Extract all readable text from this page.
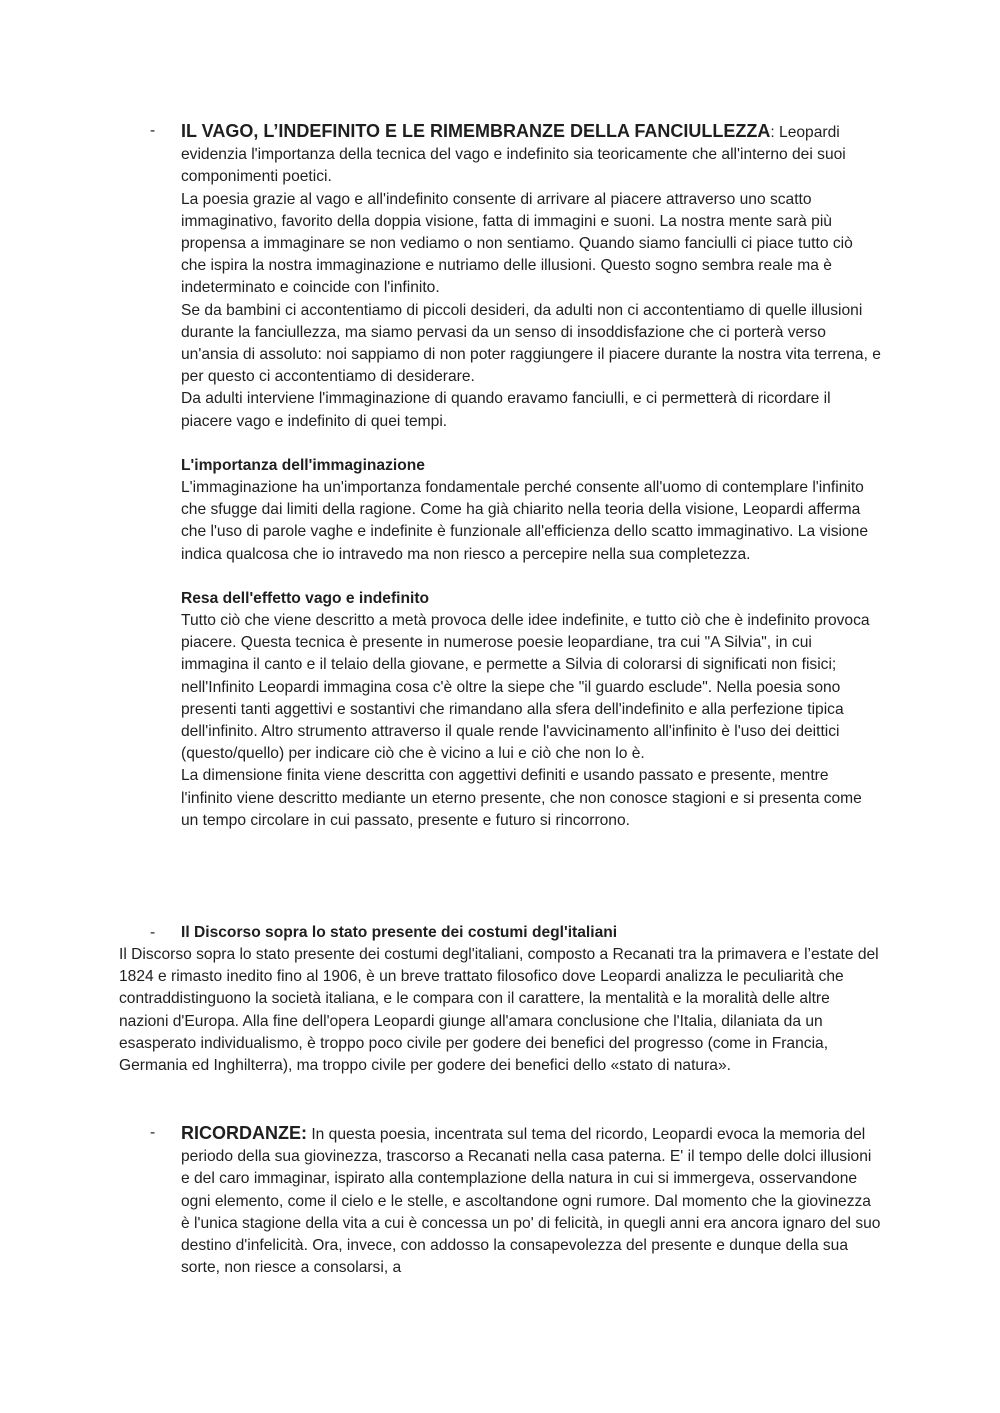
- IL VAGO, L’INDEFINITO E LE RIMEMBRANZE DELLA FANCIULLEZZA: Leopardi evidenzia l'importanza della tecnica del vago e indefinito sia teoricamente che all'interno dei suoi componimenti poetici.

La poesia grazie al vago e all'indefinito consente di arrivare al piacere attraverso uno scatto immaginativo, favorito della doppia visione, fatta di immagini e suoni. La nostra mente sarà più propensa a immaginare se non vediamo o non sentiamo. Quando siamo fanciulli ci piace tutto ciò che ispira la nostra immaginazione e nutriamo delle illusioni. Questo sogno sembra reale ma è indeterminato e coincide con l'infinito.

Se da bambini ci accontentiamo di piccoli desideri, da adulti non ci accontentiamo di quelle illusioni durante la fanciullezza, ma siamo pervasi da un senso di insoddisfazione che ci porterà verso un'ansia di assoluto: noi sappiamo di non poter raggiungere il piacere durante la nostra vita terrena, e per questo ci accontentiamo di desiderare.

Da adulti interviene l'immaginazione di quando eravamo fanciulli, e ci permetterà di ricordare il piacere vago e indefinito di quei tempi.

L'importanza dell'immaginazione

L'immaginazione ha un'importanza fondamentale perché consente all'uomo di contemplare l'infinito che sfugge dai limiti della ragione. Come ha già chiarito nella teoria della visione, Leopardi afferma che l'uso di parole vaghe e indefinite è funzionale all'efficienza dello scatto immaginativo. La visione indica qualcosa che io intravedo ma non riesco a percepire nella sua completezza.

Resa dell'effetto vago e indefinito

Tutto ciò che viene descritto a metà provoca delle idee indefinite, e tutto ciò che è indefinito provoca piacere. Questa tecnica è presente in numerose poesie leopardiane, tra cui "A Silvia", in cui immagina il canto e il telaio della giovane, e permette a Silvia di colorarsi di significati non fisici; nell'Infinito Leopardi immagina cosa c'è oltre la siepe che "il guardo esclude". Nella poesia sono presenti tanti aggettivi e sostantivi che rimandano alla sfera dell'indefinito e alla perfezione tipica dell'infinito. Altro strumento attraverso il quale rende l'avvicinamento all'infinito è l'uso dei deittici (questo/quello) per indicare ciò che è vicino a lui e ciò che non lo è.

La dimensione finita viene descritta con aggettivi definiti e usando passato e presente, mentre l'infinito viene descritto mediante un eterno presente, che non conosce stagioni e si presenta come un tempo circolare in cui passato, presente e futuro si rincorrono.

- Il Discorso sopra lo stato presente dei costumi degl'italiani

Il Discorso sopra lo stato presente dei costumi degl'italiani, composto a Recanati tra la primavera e l’estate del 1824 e rimasto inedito fino al 1906, è un breve trattato filosofico dove Leopardi analizza le peculiarità che contraddistinguono la società italiana, e le compara con il carattere, la mentalità e la moralità delle altre nazioni d'Europa. Alla fine dell'opera Leopardi giunge all'amara conclusione che l'Italia, dilaniata da un esasperato individualismo, è troppo poco civile per godere dei benefici del progresso (come in Francia, Germania ed Inghilterra), ma troppo civile per godere dei benefici dello «stato di natura».

- RICORDANZE: In questa poesia, incentrata sul tema del ricordo, Leopardi evoca la memoria del periodo della sua giovinezza, trascorso a Recanati nella casa paterna. E' il tempo delle dolci illusioni e del caro immaginar, ispirato alla contemplazione della natura in cui si immergeva, osservandone ogni elemento, come il cielo e le stelle, e ascoltandone ogni rumore. Dal momento che la giovinezza è l'unica stagione della vita a cui è concessa un po' di felicità, in quegli anni era ancora ignaro del suo destino d'infelicità. Ora, invece, con addosso la consapevolezza del presente e dunque della sua sorte, non riesce a consolarsi, a
